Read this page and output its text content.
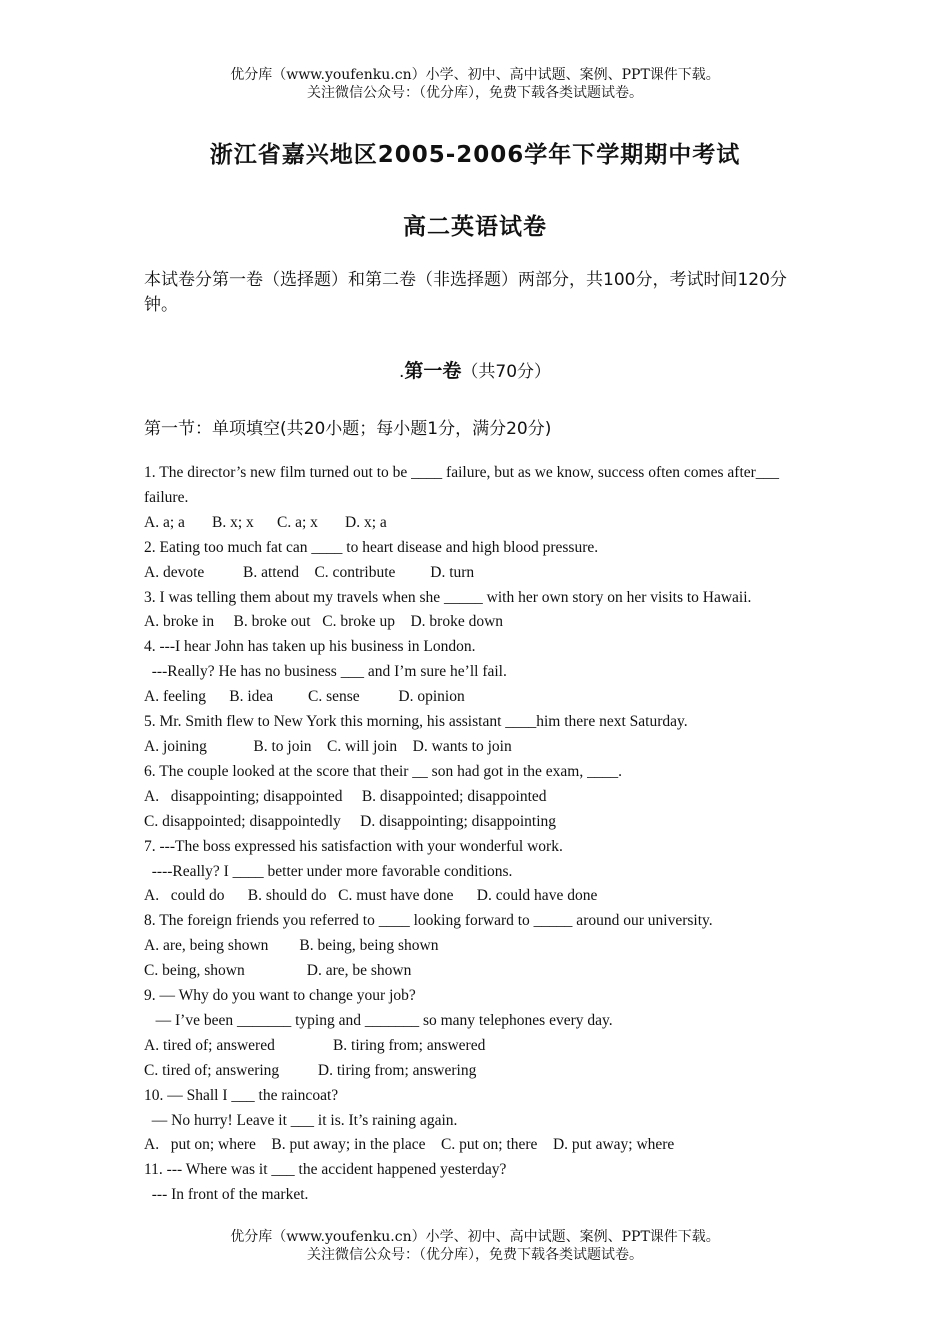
优分库（www.youfenku.cn）小学、初中、高中试题、案例、PPT课件下载。
关注微信公众号：（优分库），免费下载各类试题试卷。
浙江省嘉兴地区2005-2006学年下学期期中考试
高二英语试卷
本试卷分第一卷（选择题）和第二卷（非选择题）两部分，共100分，考试时间120分钟。
.第一卷（共70分）
第一节：单项填空(共20小题；每小题1分，满分20分)
1. The director’s new film turned out to be ____ failure, but as we know, success often comes after___ failure.
A. a; a       B. x; x      C. a; x       D. x; a
2. Eating too much fat can ____ to heart disease and high blood pressure.
A. devote          B. attend    C. contribute         D. turn
3. I was telling them about my travels when she _____ with her own story on her visits to Hawaii.
A. broke in     B. broke out   C. broke up    D. broke down
4. ---I hear John has taken up his business in London.
---Really? He has no business ___ and I’m sure he’ll fail.
A. feeling      B. idea         C. sense          D. opinion
5. Mr. Smith flew to New York this morning, his assistant ____him there next Saturday.
A. joining            B. to join    C. will join    D. wants to join
6. The couple looked at the score that their __ son had got in the exam, ____.
A.   disappointing; disappointed     B. disappointed; disappointed
C. disappointed; disappointedly     D. disappointing; disappointing
7. ---The boss expressed his satisfaction with your wonderful work.
----Really? I ____ better under more favorable conditions.
A.   could do      B. should do   C. must have done      D. could have done
8. The foreign friends you referred to ____ looking forward to _____ around our university.
A. are, being shown        B. being, being shown
C. being, shown                D. are, be shown
9. — Why do you want to change your job?
— I’ve been _______ typing and _______ so many telephones every day.
A. tired of; answered               B. tiring from; answered
C. tired of; answering          D. tiring from; answering
10. — Shall I ___ the raincoat?
— No hurry! Leave it ___ it is. It’s raining again.
A.   put on; where    B. put away; in the place    C. put on; there    D. put away; where
11. --- Where was it ___ the accident happened yesterday?
--- In front of the market.
优分库（www.youfenku.cn）小学、初中、高中试题、案例、PPT课件下载。
关注微信公众号：（优分库），免费下载各类试题试卷。
